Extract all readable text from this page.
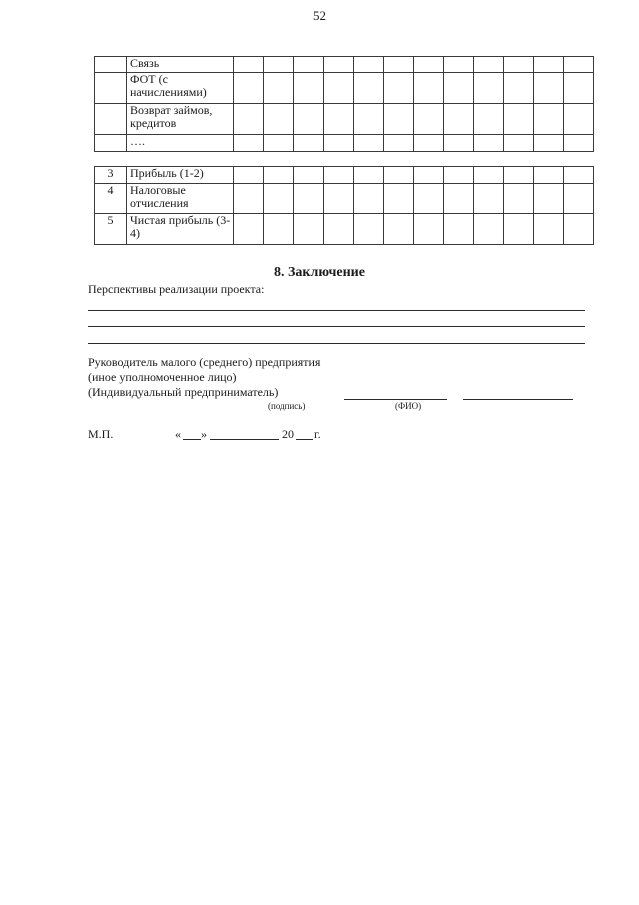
52
	Связь												
	ФОТ (с начислениями)												
	Возврат займов, кредитов												
	….												
3	Прибыль (1-2)												
4	Налоговые отчисления												
5	Чистая прибыль (3-4)												
8. Заключение
Перспективы реализации проекта:
Руководитель малого (среднего) предприятия
(иное уполномоченное лицо)
(Индивидуальный предприниматель)
(подпись)	(ФИО)
М.П.	« »	20 г.
